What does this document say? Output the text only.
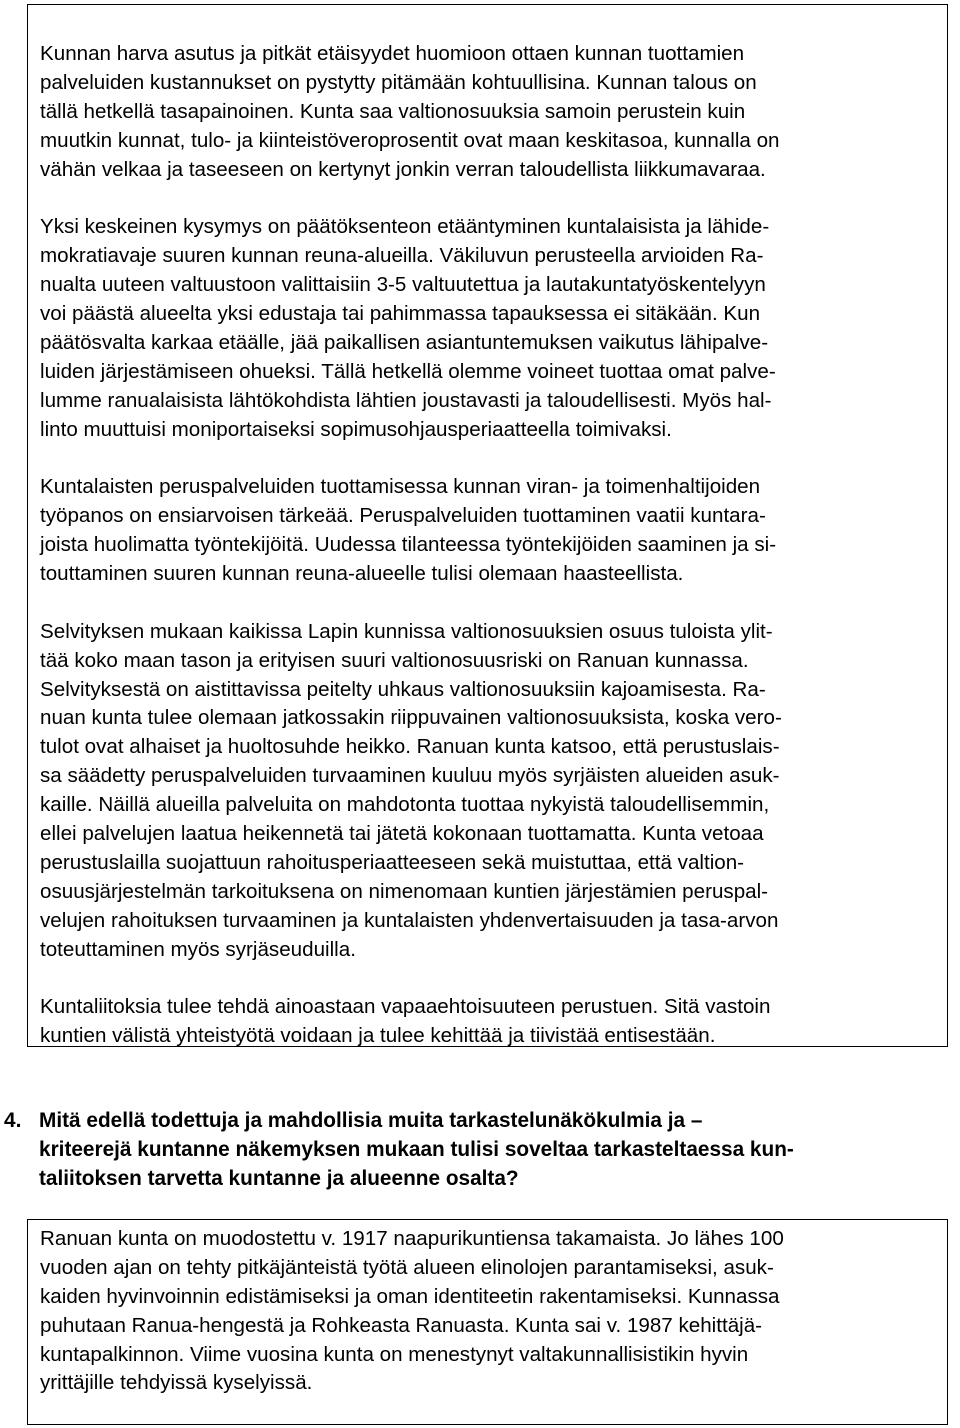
Kunnan harva asutus ja pitkät etäisyydet huomioon ottaen kunnan tuottamien
palveluiden kustannukset on pystytty pitämään kohtuullisina. Kunnan talous on
tällä hetkellä tasapainoinen. Kunta saa valtionosuuksia samoin perustein kuin
muutkin kunnat, tulo- ja kiinteistöveroprosentit ovat maan keskitasoa, kunnalla on
vähän velkaa ja taseeseen on kertynyt jonkin verran taloudellista liikkumavaraa.

Yksi keskeinen kysymys on päätöksenteon etääntyminen kuntalaisista ja lähide-
mokratiavaje suuren kunnan reuna-alueilla. Väkiluvun perusteella arvioiden Ra-
nualta uuteen valtuustoon valittaisiin 3-5 valtuutettua ja lautakuntatyöskentelyyn
voi päästä alueelta yksi edustaja tai pahimmassa tapauksessa ei sitäkään. Kun
päätösvalta karkaa etäälle, jää paikallisen asiantuntemuksen vaikutus lähipalve-
luiden järjestämiseen ohueksi. Tällä hetkellä olemme voineet tuottaa omat palve-
lumme ranualaisista lähtökohdista lähtien joustavasti ja taloudellisesti. Myös hal-
linto muuttuisi moniportaiseksi sopimusohjausperiaatteella toimivaksi.

Kuntalaisten peruspalveluiden tuottamisessa kunnan viran- ja toimenhaltijoiden
työpanos on ensiarvoisen tärkeää. Peruspalveluiden tuottaminen vaatii kuntara-
joista huolimatta työntekijöitä. Uudessa tilanteessa työntekijöiden saaminen ja si-
touttaminen suuren kunnan reuna-alueelle tulisi olemaan haasteellista.

Selvityksen mukaan kaikissa Lapin kunnissa valtionosuuksien osuus tuloista ylit-
tää koko maan tason ja erityisen suuri valtionosuusriski on Ranuan kunnassa.
Selvityksestä on aistittavissa peitelty uhkaus valtionosuuksiin kajoamisesta. Ra-
nuan kunta tulee olemaan jatkossakin riippuvainen valtionosuuksista, koska vero-
tulot ovat alhaiset ja huoltosuhde heikko. Ranuan kunta katsoo, että perustuslais-
sa säädetty peruspalveluiden turvaaminen kuuluu myös syrjäisten alueiden asuk-
kaille. Näillä alueilla palveluita on mahdotonta tuottaa nykyistä taloudellisemmin,
ellei palvelujen laatua heikennetä tai jätetä kokonaan tuottamatta. Kunta vetoaa
perustuslailla suojattuun rahoitusperiaatteeseen sekä muistuttaa, että valtion-
osuusjärjestelmän tarkoituksena on nimenomaan kuntien järjestämien peruspal-
velujen rahoituksen turvaaminen ja kuntalaisten yhdenvertaisuuden ja tasa-arvon
toteuttaminen myös syrjäseuduilla.

Kuntaliitoksia tulee tehdä ainoastaan vapaaehtoisuuteen perustuen. Sitä vastoin
kuntien välistä yhteistyötä voidaan ja tulee kehittää ja tiivistää entisestään.

4. Mitä edellä todettuja ja mahdollisia muita tarkastelunäkökulmia ja –
kriteerejä kuntanne näkemyksen mukaan tulisi soveltaa tarkasteltaessa kun-
taliitoksen tarvetta kuntanne ja alueenne osalta?

Ranuan kunta on muodostettu v. 1917 naapurikuntiensa takamaista. Jo lähes 100
vuoden ajan on tehty pitkäjänteistä työtä alueen elinolojen parantamiseksi, asuk-
kaiden hyvinvoinnin edistämiseksi ja oman identiteetin rakentamiseksi. Kunnassa
puhutaan Ranua-hengestä ja Rohkeasta Ranuasta. Kunta sai v. 1987 kehittäjä-
kuntapalkinnon. Viime vuosina kunta on menestynyt valtakunnallisistikin hyvin
yrittäjille tehdyissä kyselyissä.
